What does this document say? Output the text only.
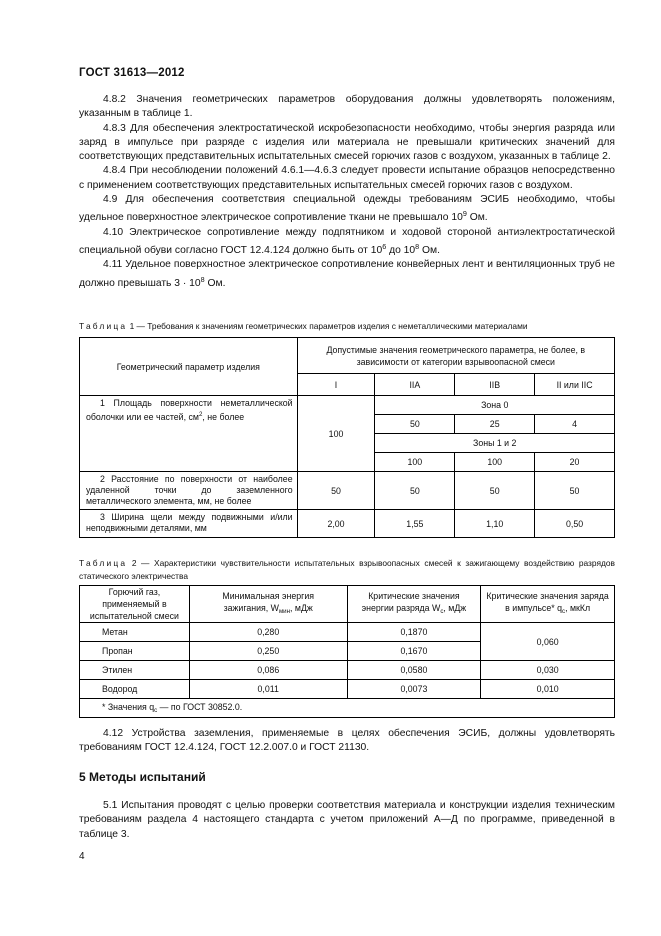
ГОСТ 31613—2012

4.8.2 Значения геометрических параметров оборудования должны удовлетворять положениям, указанным в таблице 1.

4.8.3 Для обеспечения электростатической искробезопасности необходимо, чтобы энергия разряда или заряд в импульсе при разряде с изделия или материала не превышали критических значений для соответствующих представительных испытательных смесей горючих газов с воздухом, указанных в таблице 2.

4.8.4 При несоблюдении положений 4.6.1—4.6.3 следует провести испытание образцов непосредственно с применением соответствующих представительных испытательных смесей горючих газов с воздухом.

4.9 Для обеспечения соответствия специальной одежды требованиям ЭСИБ необходимо, чтобы удельное поверхностное электрическое сопротивление ткани не превышало $10^9$ Ом.

4.10 Электрическое сопротивление между подпятником и ходовой стороной антиэлектростатической специальной обуви согласно ГОСТ 12.4.124 должно быть от $10^6$ до $10^8$ Ом.

4.11 Удельное поверхностное электрическое сопротивление конвейерных лент и вентиляционных труб не должно превышать $3 \cdot 10^8$ Ом.

Таблица 1 — Требования к значениям геометрических параметров изделия с неметаллическими материалами
Геометрический параметр изделия	Допустимые значения геометрического параметра, не более, в зависимости от категории взрывоопасной смеси			
	I	IIA	IIB	II или IIC

1 Площадь поверхности неметаллической оболочки или ее частей, $см^2$, не более	100	Зона 0		
		50	25	4
		Зоны 1 и 2		
		100	100	20

2 Расстояние по поверхности от наиболее удаленной точки до заземленного металлического элемента, мм, не более	50	50	50	50

3 Ширина щели между подвижными и/или неподвижными деталями, мм	2,00	1,55	1,10	0,50
Таблица 2 — Характеристики чувствительности испытательных взрывоопасных смесей к зажигающему воздействию разрядов статического электричества
Горючий газ, применяемый в испытательной смеси	Минимальная энергия зажигания, $W_{мин}$, мДж	Критические значения энергии разряда $W_c$, мДж	Критические значения заряда в импульсе* $q_c$, мкКл
Метан	0,280	0,1870	0,060
Пропан	0,250	0,1670	
Этилен	0,086	0,0580	0,030
Водород	0,011	0,0073	0,010
* Значения $q_c$ — по ГОСТ 30852.0.			

4.12 Устройства заземления, применяемые в целях обеспечения ЭСИБ, должны удовлетворять требованиям ГОСТ 12.4.124, ГОСТ 12.2.007.0 и ГОСТ 21130.

5 Методы испытаний

5.1 Испытания проводят с целью проверки соответствия материала и конструкции изделия техническим требованиям раздела 4 настоящего стандарта с учетом приложений А—Д по программе, приведенной в таблице 3.

4
